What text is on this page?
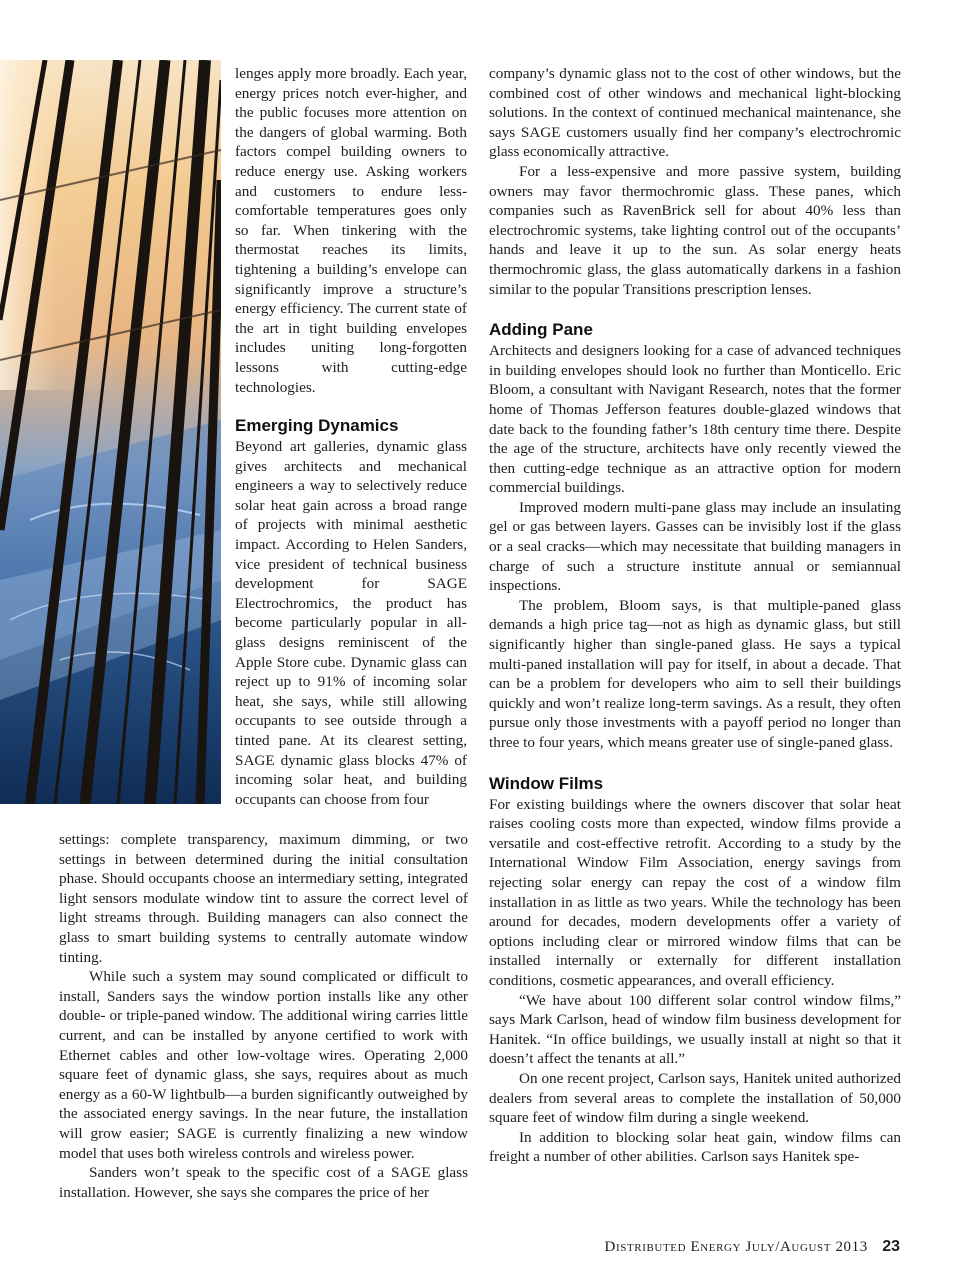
lenges apply more broadly. Each year, energy prices notch ever-higher, and the public focuses more attention on the dangers of global warming. Both factors compel building owners to reduce energy use. Asking workers and customers to endure less-comfortable temperatures goes only so far. When tinkering with the thermostat reaches its limits, tightening a building’s envelope can significantly improve a structure’s energy efficiency. The current state of the art in tight building envelopes includes uniting long-forgotten lessons with cutting-edge technologies.

Emerging Dynamics

Beyond art galleries, dynamic glass gives architects and mechanical engineers a way to selectively reduce solar heat gain across a broad range of projects with minimal aesthetic impact. According to Helen Sanders, vice president of technical business development for SAGE Electrochromics, the product has become particularly popular in all-glass designs reminiscent of the Apple Store cube. Dynamic glass can reject up to 91% of incoming solar heat, she says, while still allowing occupants to see outside through a tinted pane. At its clearest setting, SAGE dynamic glass blocks 47% of incoming solar heat, and building occupants can choose from four

settings: complete transparency, maximum dimming, or two settings in between determined during the initial consultation phase. Should occupants choose an intermediary setting, integrated light sensors modulate window tint to assure the correct level of light streams through. Building managers can also connect the glass to smart building systems to centrally automate window tinting.

While such a system may sound complicated or difficult to install, Sanders says the window portion installs like any other double- or triple-paned window. The additional wiring carries little current, and can be installed by anyone certified to work with Ethernet cables and other low-voltage wires. Operating 2,000 square feet of dynamic glass, she says, requires about as much energy as a 60-W lightbulb—a burden significantly outweighed by the associated energy savings. In the near future, the installation will grow easier; SAGE is currently finalizing a new window model that uses both wireless controls and wireless power.

Sanders won’t speak to the specific cost of a SAGE glass installation. However, she says she compares the price of her

company’s dynamic glass not to the cost of other windows, but the combined cost of other windows and mechanical light-blocking solutions. In the context of continued mechanical maintenance, she says SAGE customers usually find her company’s electrochromic glass economically attractive.

For a less-expensive and more passive system, building owners may favor thermochromic glass. These panes, which companies such as RavenBrick sell for about 40% less than electrochromic systems, take lighting control out of the occupants’ hands and leave it up to the sun. As solar energy heats thermochromic glass, the glass automatically darkens in a fashion similar to the popular Transitions prescription lenses.

Adding Pane

Architects and designers looking for a case of advanced techniques in building envelopes should look no further than Monticello. Eric Bloom, a consultant with Navigant Research, notes that the former home of Thomas Jefferson features double-glazed windows that date back to the founding father’s 18th century time there. Despite the age of the structure, architects have only recently viewed the then cutting-edge technique as an attractive option for modern commercial buildings.

Improved modern multi-pane glass may include an insulating gel or gas between layers. Gasses can be invisibly lost if the glass or a seal cracks—which may necessitate that building managers in charge of such a structure institute annual or semiannual inspections.

The problem, Bloom says, is that multiple-paned glass demands a high price tag—not as high as dynamic glass, but still significantly higher than single-paned glass. He says a typical multi-paned installation will pay for itself, in about a decade. That can be a problem for developers who aim to sell their buildings quickly and won’t realize long-term savings. As a result, they often pursue only those investments with a payoff period no longer than three to four years, which means greater use of single-paned glass.

Window Films

For existing buildings where the owners discover that solar heat raises cooling costs more than expected, window films provide a versatile and cost-effective retrofit. According to a study by the International Window Film Association, energy savings from rejecting solar energy can repay the cost of a window film installation in as little as two years. While the technology has been around for decades, modern developments offer a variety of options including clear or mirrored window films that can be installed internally or externally for different installation conditions, cosmetic appearances, and overall efficiency.

“We have about 100 different solar control window films,” says Mark Carlson, head of window film business development for Hanitek. “In office buildings, we usually install at night so that it doesn’t affect the tenants at all.”

On one recent project, Carlson says, Hanitek united authorized dealers from several areas to complete the installation of 50,000 square feet of window film during a single weekend.

In addition to blocking solar heat gain, window films can freight a number of other abilities. Carlson says Hanitek spe-

Distributed Energy July/August 2013 23
